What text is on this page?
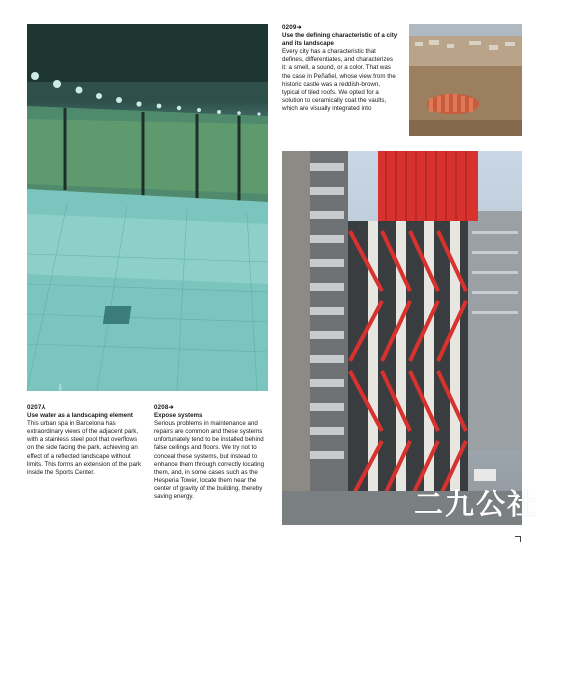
© Rafael Vargas
© Alejo Bagué
0209➔
Use the defining characteristic of a city and its landscape
Every city has a characteristic that defines, differentiates, and characterizes it: a smell, a sound, or a color. That was the case in Peñafiel, whose view from the historic castle was a reddish-brown, typical of tiled roofs. We opted for a solution to ceramically coat the vaults, which are visually integrated into
0207⅄
Use water as a landscaping element
This urban spa in Barcelona has extraordinary views of the adjacent park, with a stainless steel pool that overflows on the side facing the park, achieving an effect of a reflected landscape without limits. This forms an extension of the park inside the Sports Center.
0208➔
Expose systems
Serious problems in maintenance and repairs are common and these systems unfortunately tend to be installed behind false ceilings and floors. We try not to conceal these systems, but instead to enhance them through correctly locating them, and, in some cases such as the Hesperia Tower, locate them near the center of gravity of the building, thereby saving energy.	二九公社
